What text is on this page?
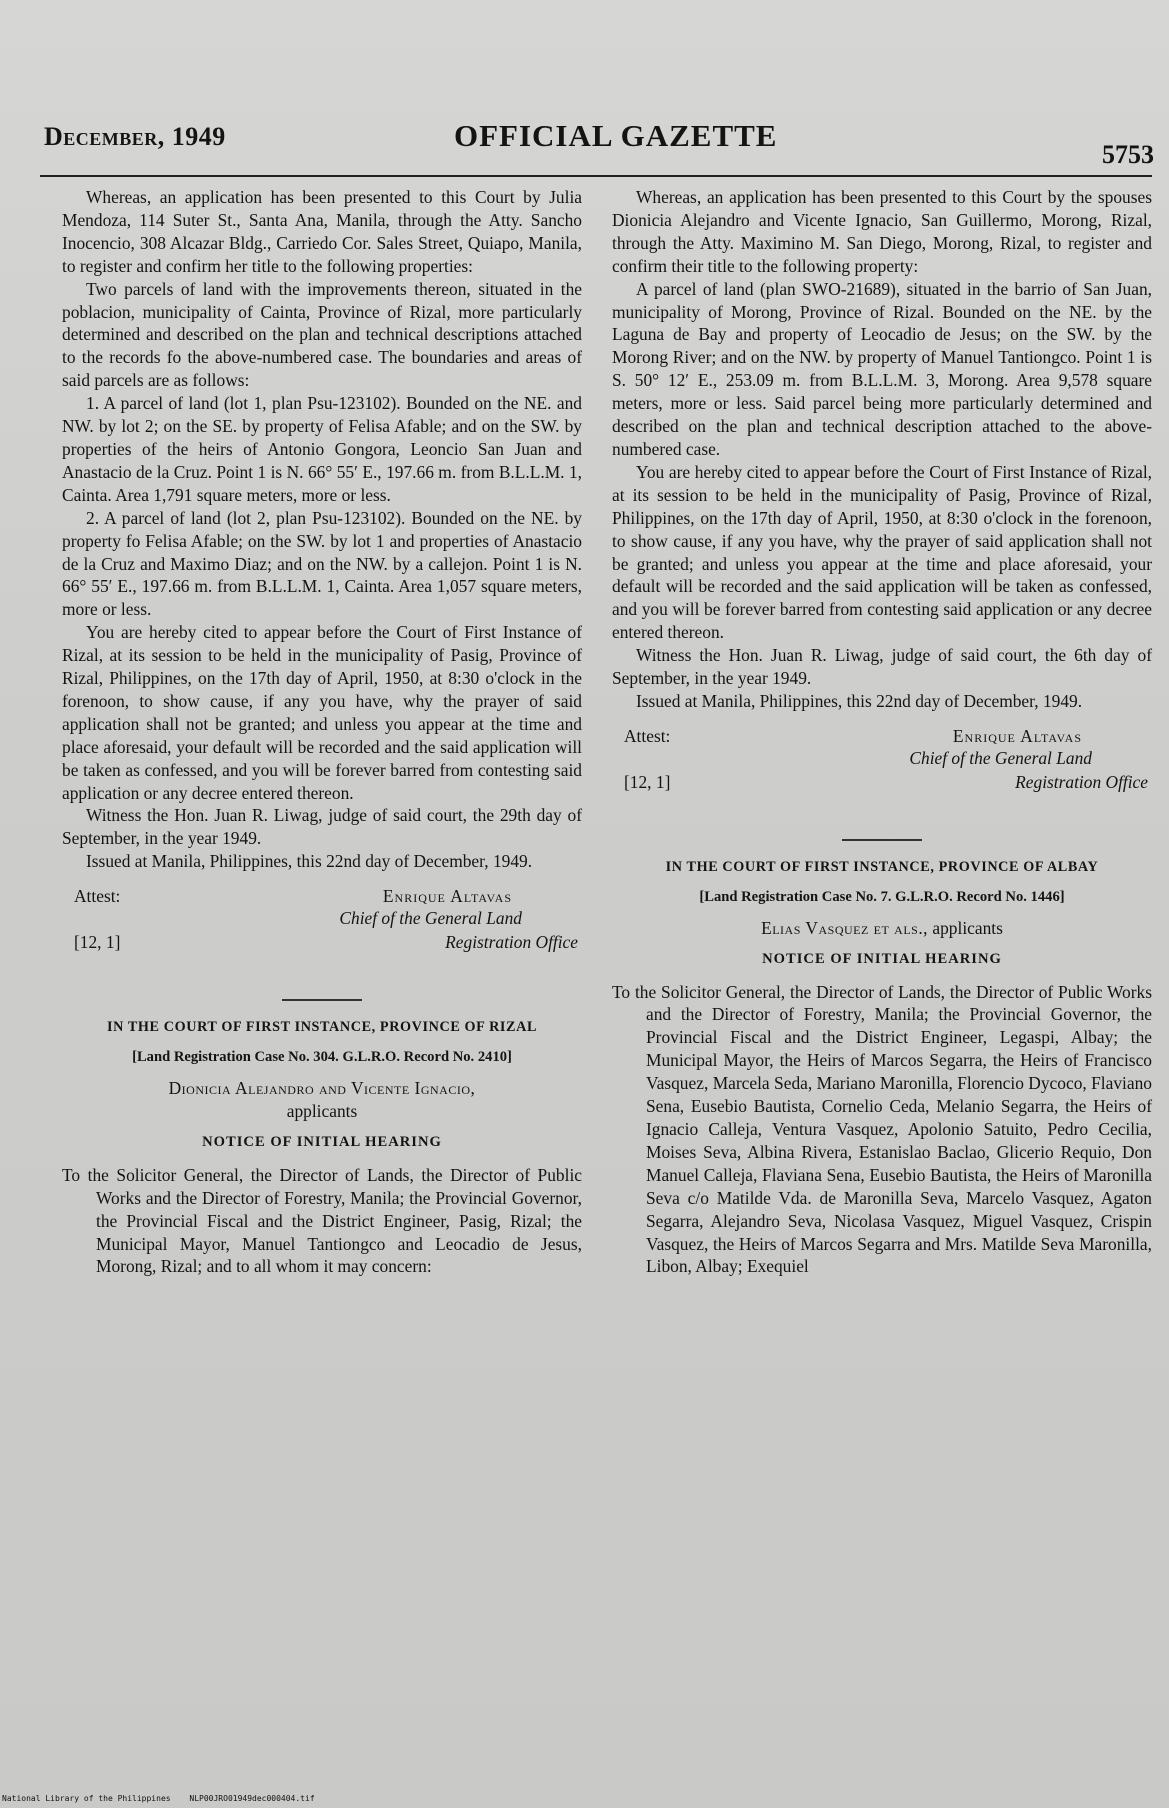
December, 1949	OFFICIAL GAZETTE
5753

Whereas, an application has been presented to this Court by Julia Mendoza, 114 Suter St., Santa Ana, Manila, through the Atty. Sancho Inocencio, 308 Alcazar Bldg., Carriedo Cor. Sales Street, Quiapo, Manila, to register and confirm her title to the following properties:

Two parcels of land with the improvements thereon, situated in the poblacion, municipality of Cainta, Province of Rizal, more particularly determined and described on the plan and technical descriptions attached to the records fo the above-numbered case. The boundaries and areas of said parcels are as follows:

1. A parcel of land (lot 1, plan Psu-123102). Bounded on the NE. and NW. by lot 2; on the SE. by property of Felisa Afable; and on the SW. by properties of the heirs of Antonio Gongora, Leoncio San Juan and Anastacio de la Cruz. Point 1 is N. 66° 55′ E., 197.66 m. from B.L.L.M. 1, Cainta. Area 1,791 square meters, more or less.

2. A parcel of land (lot 2, plan Psu-123102). Bounded on the NE. by property fo Felisa Afable; on the SW. by lot 1 and properties of Anastacio de la Cruz and Maximo Diaz; and on the NW. by a callejon. Point 1 is N. 66° 55′ E., 197.66 m. from B.L.L.M. 1, Cainta. Area 1,057 square meters, more or less.

You are hereby cited to appear before the Court of First Instance of Rizal, at its session to be held in the municipality of Pasig, Province of Rizal, Philippines, on the 17th day of April, 1950, at 8:30 o'clock in the forenoon, to show cause, if any you have, why the prayer of said application shall not be granted; and unless you appear at the time and place aforesaid, your default will be recorded and the said application will be taken as confessed, and you will be forever barred from contesting said application or any decree entered thereon.

Witness the Hon. Juan R. Liwag, judge of said court, the 29th day of September, in the year 1949.

Issued at Manila, Philippines, this 22nd day of December, 1949.

Attest:	Enrique Altavas
Chief of the General Land
[12, 1]	Registration Office
IN THE COURT OF FIRST INSTANCE, PROVINCE OF RIZAL
[Land Registration Case No. 304. G.L.R.O. Record No. 2410]
Dionicia Alejandro and Vicente Ignacio,
applicants
NOTICE OF INITIAL HEARING

To the Solicitor General, the Director of Lands, the Director of Public Works and the Director of Forestry, Manila; the Provincial Governor, the Provincial Fiscal and the District Engineer, Pasig, Rizal; the Municipal Mayor, Manuel Tantiongco and Leocadio de Jesus, Morong, Rizal; and to all whom it may concern:

Whereas, an application has been presented to this Court by the spouses Dionicia Alejandro and Vicente Ignacio, San Guillermo, Morong, Rizal, through the Atty. Maximino M. San Diego, Morong, Rizal, to register and confirm their title to the following property:

A parcel of land (plan SWO-21689), situated in the barrio of San Juan, municipality of Morong, Province of Rizal. Bounded on the NE. by the Laguna de Bay and property of Leocadio de Jesus; on the SW. by the Morong River; and on the NW. by property of Manuel Tantiongco. Point 1 is S. 50° 12′ E., 253.09 m. from B.L.L.M. 3, Morong. Area 9,578 square meters, more or less. Said parcel being more particularly determined and described on the plan and technical description attached to the above-numbered case.

You are hereby cited to appear before the Court of First Instance of Rizal, at its session to be held in the municipality of Pasig, Province of Rizal, Philippines, on the 17th day of April, 1950, at 8:30 o'clock in the forenoon, to show cause, if any you have, why the prayer of said application shall not be granted; and unless you appear at the time and place aforesaid, your default will be recorded and the said application will be taken as confessed, and you will be forever barred from contesting said application or any decree entered thereon.

Witness the Hon. Juan R. Liwag, judge of said court, the 6th day of September, in the year 1949.

Issued at Manila, Philippines, this 22nd day of December, 1949.

Attest:	Enrique Altavas
Chief of the General Land
[12, 1]	Registration Office
IN THE COURT OF FIRST INSTANCE, PROVINCE OF ALBAY
[Land Registration Case No. 7. G.L.R.O. Record No. 1446]
Elias Vasquez et als., applicants
NOTICE OF INITIAL HEARING

To the Solicitor General, the Director of Lands, the Director of Public Works and the Director of Forestry, Manila; the Provincial Governor, the Provincial Fiscal and the District Engineer, Legaspi, Albay; the Municipal Mayor, the Heirs of Marcos Segarra, the Heirs of Francisco Vasquez, Marcela Seda, Mariano Maronilla, Florencio Dycoco, Flaviano Sena, Eusebio Bautista, Cornelio Ceda, Melanio Segarra, the Heirs of Ignacio Calleja, Ventura Vasquez, Apolonio Satuito, Pedro Cecilia, Moises Seva, Albina Rivera, Estanislao Baclao, Glicerio Requio, Don Manuel Calleja, Flaviana Sena, Eusebio Bautista, the Heirs of Maronilla Seva c/o Matilde Vda. de Maronilla Seva, Marcelo Vasquez, Agaton Segarra, Alejandro Seva, Nicolasa Vasquez, Miguel Vasquez, Crispin Vasquez, the Heirs of Marcos Segarra and Mrs. Matilde Seva Maronilla, Libon, Albay; Exequiel

National Library of the Philippines NLP00JRO01949dec000404.tif
